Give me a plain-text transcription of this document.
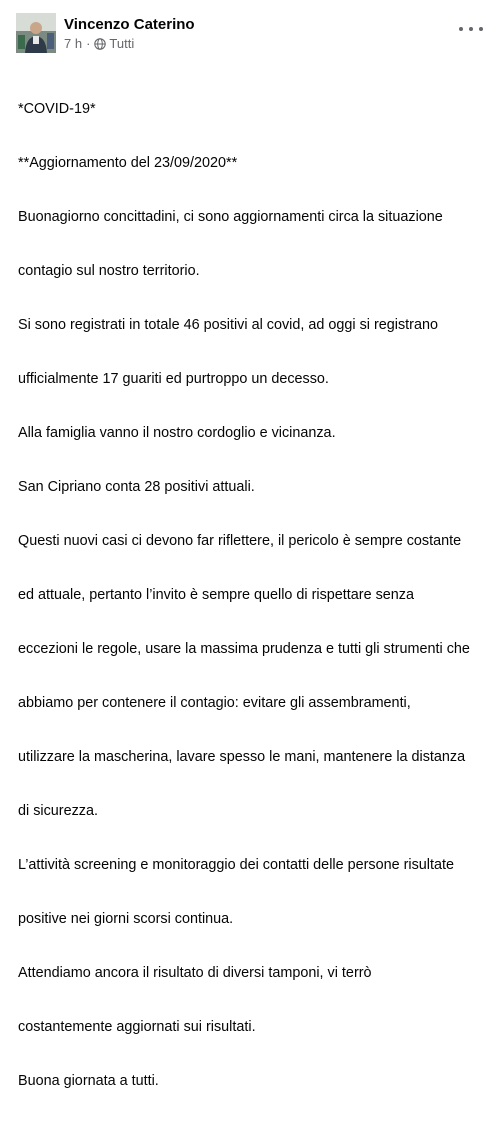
Vincenzo Caterino
7 h · Tutti

*COVID-19*

**Aggiornamento del 23/09/2020**

Buonagiorno concittadini, ci sono aggiornamenti circa la situazione

contagio sul nostro territorio.

Si sono registrati in totale 46 positivi al covid, ad oggi si registrano

ufficialmente 17 guariti ed purtroppo un decesso.

Alla famiglia vanno il nostro cordoglio e vicinanza.

San Cipriano conta 28 positivi attuali.

Questi nuovi casi ci devono far riflettere, il pericolo è sempre costante

ed attuale, pertanto l’invito è sempre quello di rispettare senza

eccezioni le regole, usare la massima prudenza e tutti gli strumenti che

abbiamo per contenere il contagio: evitare gli assembramenti,

utilizzare la mascherina, lavare spesso le mani, mantenere la distanza

di sicurezza.

L’attività screening e monitoraggio dei contatti delle persone risultate

positive nei giorni scorsi continua.

Attendiamo ancora il risultato di diversi tamponi, vi terrò

costantemente aggiornati sui risultati.

Buona giornata a tutti.
